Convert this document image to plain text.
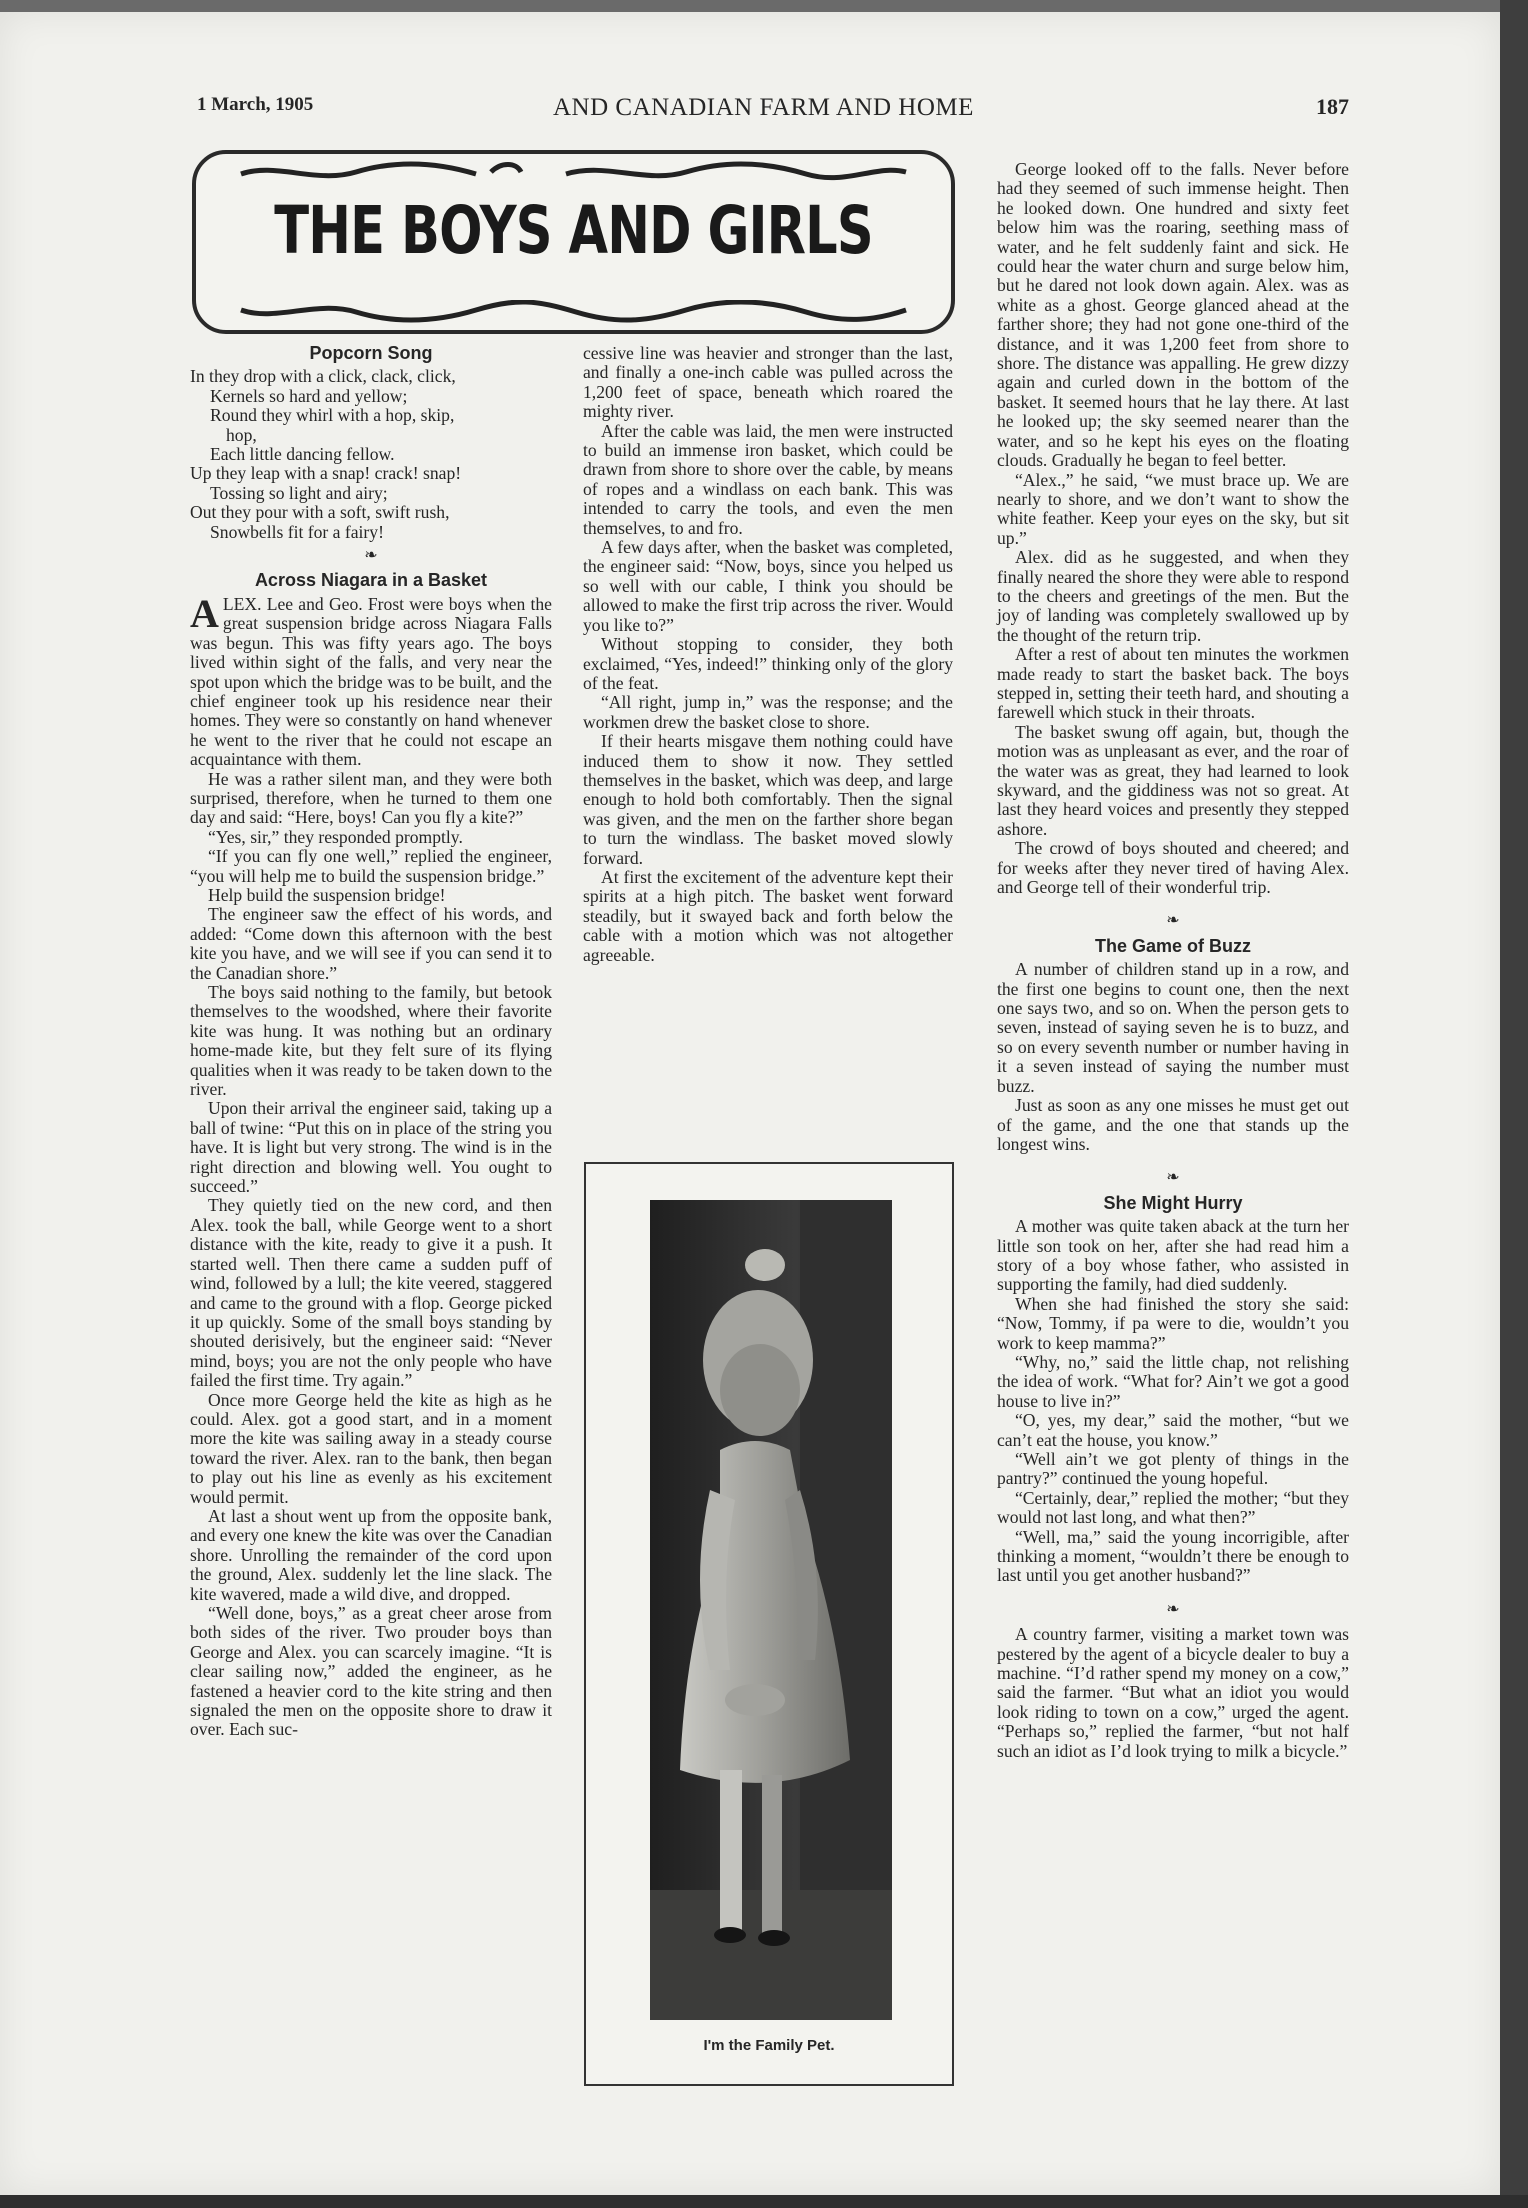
1 March, 1905	AND CANADIAN FARM AND HOME	187
THE BOYS AND GIRLS
Popcorn Song
In they drop with a click, clack, click,
Kernels so hard and yellow;
Round they whirl with a hop, skip,
hop,
Each little dancing fellow.
Up they leap with a snap! crack! snap!
Tossing so light and airy;
Out they pour with a soft, swift rush,
Snowbells fit for a fairy!
❧
Across Niagara in a Basket

ALEX. Lee and Geo. Frost were boys when the great suspension bridge across Niagara Falls was begun. This was fifty years ago. The boys lived within sight of the falls, and very near the spot upon which the bridge was to be built, and the chief engineer took up his residence near their homes. They were so constantly on hand whenever he went to the river that he could not escape an acquaintance with them.

He was a rather silent man, and they were both surprised, therefore, when he turned to them one day and said: “Here, boys! Can you fly a kite?”

“Yes, sir,” they responded promptly.

“If you can fly one well,” replied the engineer, “you will help me to build the suspension bridge.”

Help build the suspension bridge!

The engineer saw the effect of his words, and added: “Come down this afternoon with the best kite you have, and we will see if you can send it to the Canadian shore.”

The boys said nothing to the family, but betook themselves to the woodshed, where their favorite kite was hung. It was nothing but an ordinary home-made kite, but they felt sure of its flying qualities when it was ready to be taken down to the river.

Upon their arrival the engineer said, taking up a ball of twine: “Put this on in place of the string you have. It is light but very strong. The wind is in the right direction and blowing well. You ought to succeed.”

They quietly tied on the new cord, and then Alex. took the ball, while George went to a short distance with the kite, ready to give it a push. It started well. Then there came a sudden puff of wind, followed by a lull; the kite veered, staggered and came to the ground with a flop. George picked it up quickly. Some of the small boys standing by shouted derisively, but the engineer said: “Never mind, boys; you are not the only people who have failed the first time. Try again.”

Once more George held the kite as high as he could. Alex. got a good start, and in a moment more the kite was sailing away in a steady course toward the river. Alex. ran to the bank, then began to play out his line as evenly as his excitement would permit.

At last a shout went up from the opposite bank, and every one knew the kite was over the Canadian shore. Unrolling the remainder of the cord upon the ground, Alex. suddenly let the line slack. The kite wavered, made a wild dive, and dropped.

“Well done, boys,” as a great cheer arose from both sides of the river. Two prouder boys than George and Alex. you can scarcely imagine. “It is clear sailing now,” added the engineer, as he fastened a heavier cord to the kite string and then signaled the men on the opposite shore to draw it over. Each suc-

cessive line was heavier and stronger than the last, and finally a one-inch cable was pulled across the 1,200 feet of space, beneath which roared the mighty river.

After the cable was laid, the men were instructed to build an immense iron basket, which could be drawn from shore to shore over the cable, by means of ropes and a windlass on each bank. This was intended to carry the tools, and even the men themselves, to and fro.

A few days after, when the basket was completed, the engineer said: “Now, boys, since you helped us so well with our cable, I think you should be allowed to make the first trip across the river. Would you like to?”

Without stopping to consider, they both exclaimed, “Yes, indeed!” thinking only of the glory of the feat.

“All right, jump in,” was the response; and the workmen drew the basket close to shore.

If their hearts misgave them nothing could have induced them to show it now. They settled themselves in the basket, which was deep, and large enough to hold both comfortably. Then the signal was given, and the men on the farther shore began to turn the windlass. The basket moved slowly forward.

At first the excitement of the adventure kept their spirits at a high pitch. The basket went forward steadily, but it swayed back and forth below the cable with a motion which was not altogether agreeable.

I'm the Family Pet.

George looked off to the falls. Never before had they seemed of such immense height. Then he looked down. One hundred and sixty feet below him was the roaring, seething mass of water, and he felt suddenly faint and sick. He could hear the water churn and surge below him, but he dared not look down again. Alex. was as white as a ghost. George glanced ahead at the farther shore; they had not gone one-third of the distance, and it was 1,200 feet from shore to shore. The distance was appalling. He grew dizzy again and curled down in the bottom of the basket. It seemed hours that he lay there. At last he looked up; the sky seemed nearer than the water, and so he kept his eyes on the floating clouds. Gradually he began to feel better.

“Alex.,” he said, “we must brace up. We are nearly to shore, and we don’t want to show the white feather. Keep your eyes on the sky, but sit up.”

Alex. did as he suggested, and when they finally neared the shore they were able to respond to the cheers and greetings of the men. But the joy of landing was completely swallowed up by the thought of the return trip.

After a rest of about ten minutes the workmen made ready to start the basket back. The boys stepped in, setting their teeth hard, and shouting a farewell which stuck in their throats.

The basket swung off again, but, though the motion was as unpleasant as ever, and the roar of the water was as great, they had learned to look skyward, and the giddiness was not so great. At last they heard voices and presently they stepped ashore.

The crowd of boys shouted and cheered; and for weeks after they never tired of having Alex. and George tell of their wonderful trip.

❧
The Game of Buzz

A number of children stand up in a row, and the first one begins to count one, then the next one says two, and so on. When the person gets to seven, instead of saying seven he is to buzz, and so on every seventh number or number having in it a seven instead of saying the number must buzz.

Just as soon as any one misses he must get out of the game, and the one that stands up the longest wins.

❧
She Might Hurry

A mother was quite taken aback at the turn her little son took on her, after she had read him a story of a boy whose father, who assisted in supporting the family, had died suddenly.

When she had finished the story she said: “Now, Tommy, if pa were to die, wouldn’t you work to keep mamma?”

“Why, no,” said the little chap, not relishing the idea of work. “What for? Ain’t we got a good house to live in?”

“O, yes, my dear,” said the mother, “but we can’t eat the house, you know.”

“Well ain’t we got plenty of things in the pantry?” continued the young hopeful.

“Certainly, dear,” replied the mother; “but they would not last long, and what then?”

“Well, ma,” said the young incorrigible, after thinking a moment, “wouldn’t there be enough to last until you get another husband?”

❧

A country farmer, visiting a market town was pestered by the agent of a bicycle dealer to buy a machine. “I’d rather spend my money on a cow,” said the farmer. “But what an idiot you would look riding to town on a cow,” urged the agent. “Perhaps so,” replied the farmer, “but not half such an idiot as I’d look trying to milk a bicycle.”
